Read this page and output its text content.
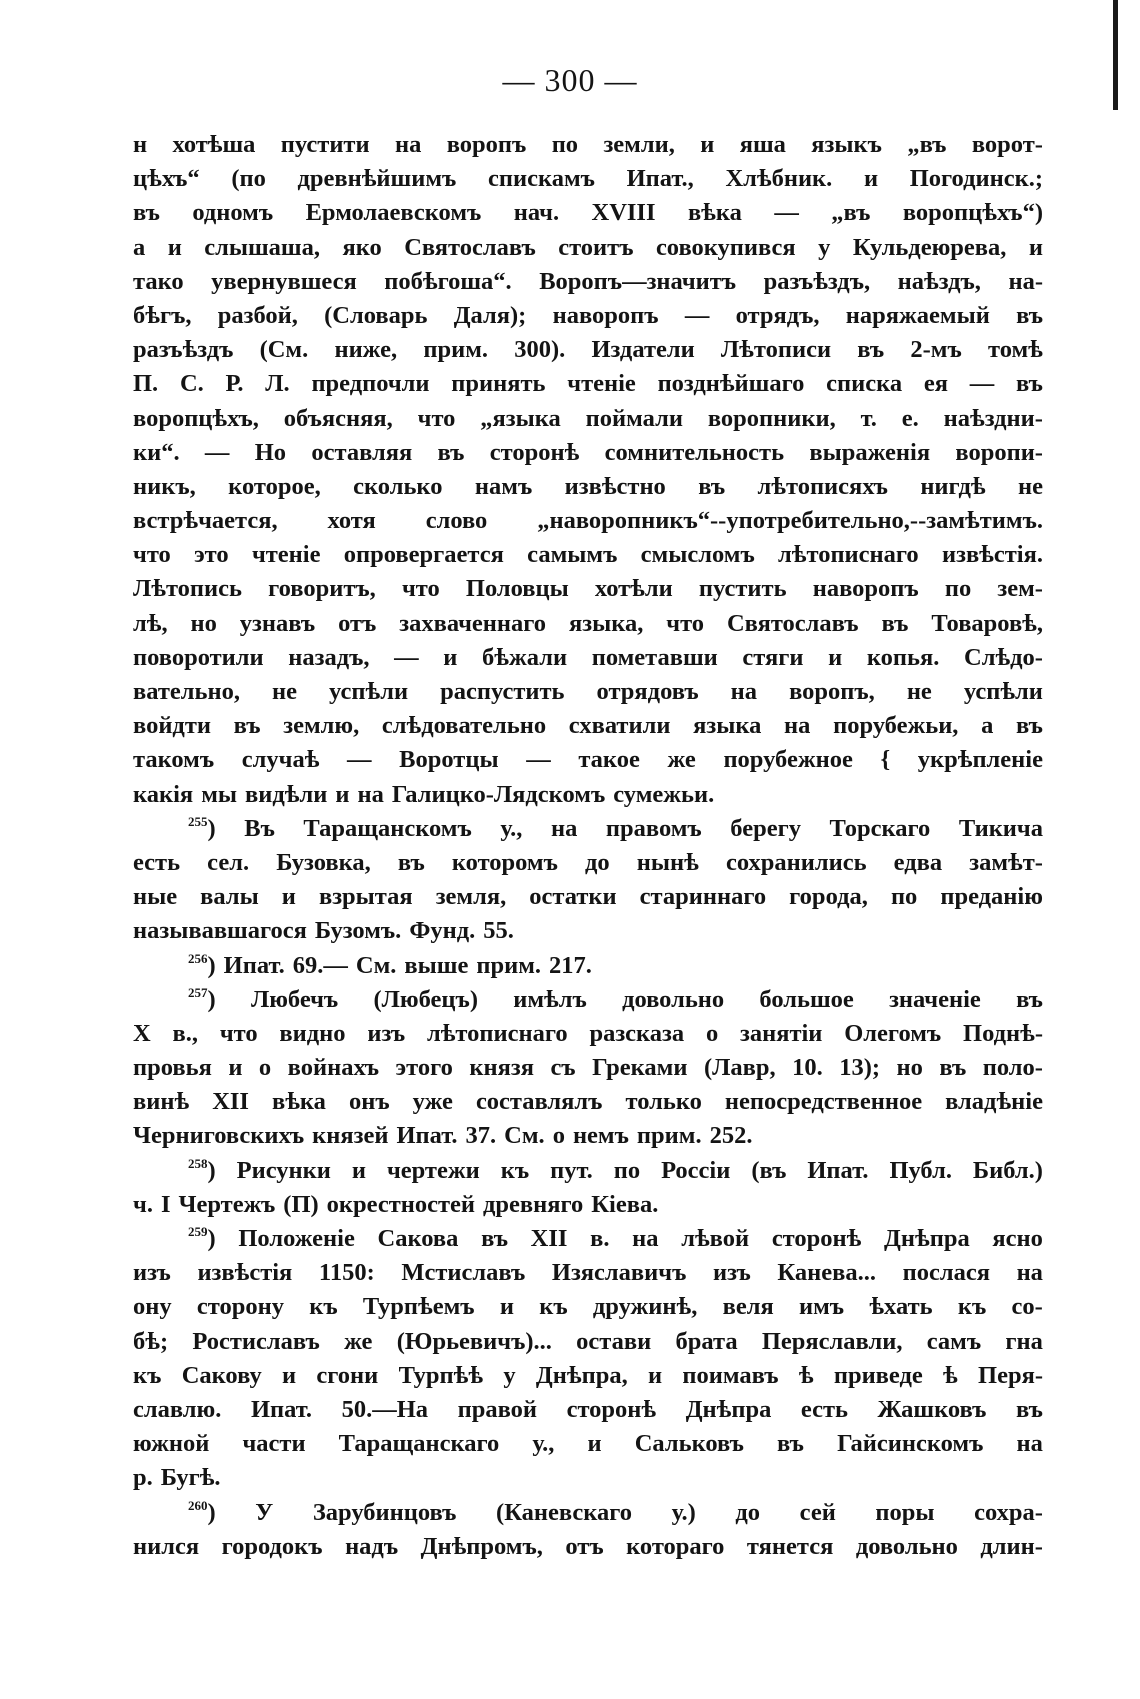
— 300 —
н хотѣша пустити на воропъ по земли, и яша языкъ „въ ворот-
цѣхъ“ (по древнѣйшимъ спискамъ Ипат., Хлѣбник. и Погодинск.;
въ одномъ Ермолаевскомъ нач. XVIII вѣка — „въ воропцѣхъ“)
а и слышаша, яко Святославъ стоитъ совокупився у Кульдеюрева, и
тако увернувшеся побѣгоша“. Воропъ—значитъ разъѣздъ, наѣздъ, на-
бѣгъ, разбой, (Словарь Даля); наворопъ — отрядъ, наряжаемый въ
разъѣздъ (См. ниже, прим. 300). Издатели Лѣтописи въ 2-мъ томѣ
П. С. Р. Л. предпочли принять чтеніе позднѣйшаго списка ея — въ
воропцѣхъ, объясняя, что „языка поймали воропники, т. е. наѣздни-
ки“. — Но оставляя въ сторонѣ сомнительность выраженія воропи-
никъ, которое, сколько намъ извѣстно въ лѣтописяхъ нигдѣ не
встрѣчается, хотя слово „наворопникъ“--употребительно,--замѣтимъ.
что это чтеніе опровергается самымъ смысломъ лѣтописнаго извѣстія.
Лѣтопись говоритъ, что Половцы хотѣли пустить наворопъ по зем-
лѣ, но узнавъ отъ захваченнаго языка, что Святославъ въ Товаровѣ,
поворотили назадъ, — и бѣжали пометавши стяги и копья. Слѣдо-
вательно, не успѣли распустить отрядовъ на воропъ, не успѣли
войдти въ землю, слѣдовательно схватили языка на порубежьи, а въ
такомъ случаѣ — Воротцы — такое же порубежное { укрѣпленіе
какія мы видѣли и на Галицко-Лядскомъ сумежьи.
$^{255}$) Въ Таращанскомъ у., на правомъ берегу Торскаго Тикича
есть сел. Бузовка, въ которомъ до нынѣ сохранились едва замѣт-
ные валы и взрытая земля, остатки стариннаго города, по преданію
называвшагося Бузомъ. Фунд. 55.
$^{256}$) Ипат. 69.— См. выше прим. 217.
$^{257}$) Любечъ (Любецъ) имѣлъ довольно большое значеніе въ
X в., что видно изъ лѣтописнаго разсказа о занятіи Олегомъ Поднѣ-
провья и о войнахъ этого князя съ Греками (Лавр, 10. 13); но въ поло-
винѣ XII вѣка онъ уже составлялъ только непосредственное владѣніе
Черниговскихъ князей Ипат. 37. См. о немъ прим. 252.
$^{258}$) Рисунки и чертежи къ пут. по Россіи (въ Ипат. Публ. Библ.)
ч. I Чертежъ (П) окрестностей древняго Кіева.
$^{259}$) Положеніе Сакова въ XII в. на лѣвой сторонѣ Днѣпра ясно
изъ извѣстія 1150: Мстиславъ Изяславичъ изъ Канева... послася на
ону сторону къ Турпѣемъ и къ дружинѣ, веля имъ ѣхать къ со-
бѣ; Ростиславъ же (Юрьевичъ)... остави брата Перяславли, самъ гна
къ Сакову и сгони Турпѣѣ у Днѣпра, и поимавъ ѣ приведе ѣ Перя-
славлю. Ипат. 50.—На правой сторонѣ Днѣпра есть Жашковъ въ
южной части Таращанскаго у., и Сальковъ въ Гайсинскомъ на
р. Бугѣ.
$^{260}$) У Зарубинцовъ (Каневскаго у.) до сей поры сохра-
нился городокъ надъ Днѣпромъ, отъ котораго тянется довольно длин-
